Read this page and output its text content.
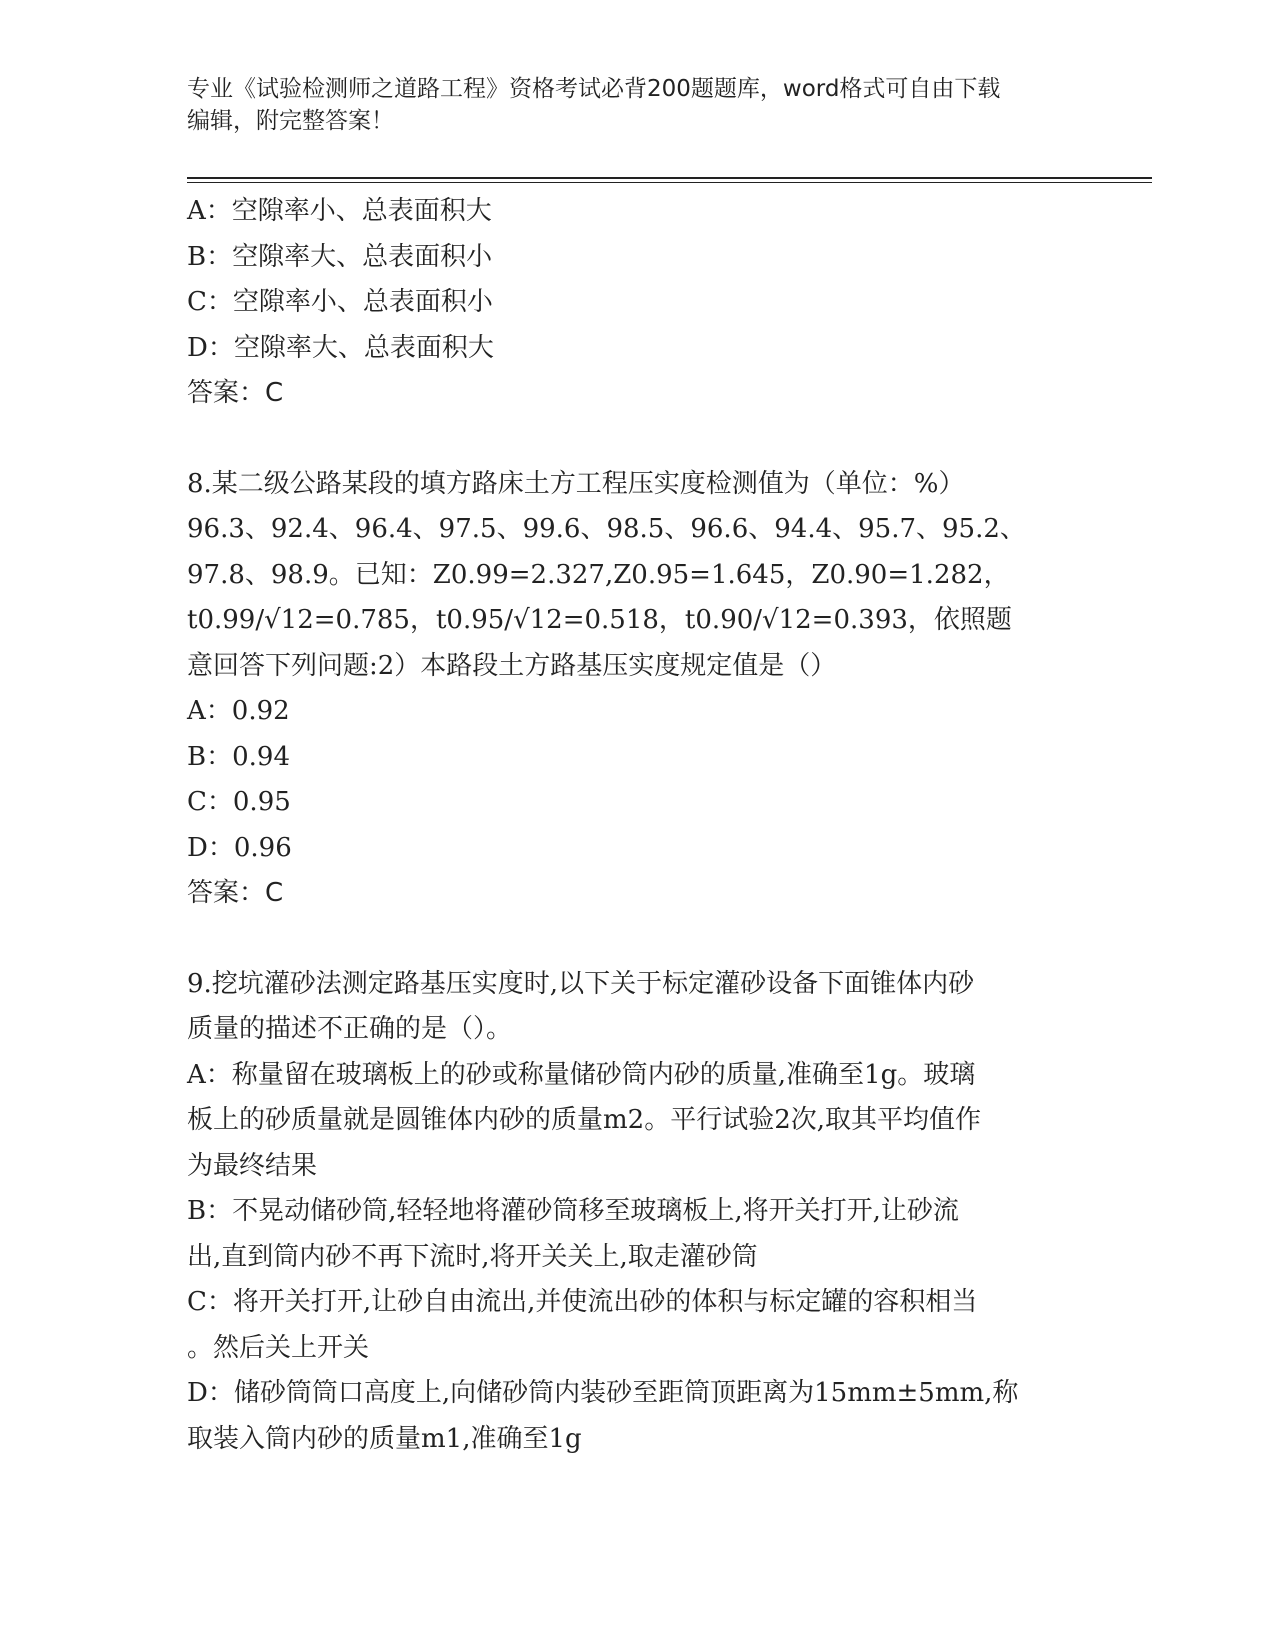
专业《试验检测师之道路工程》资格考试必背200题题库，word格式可自由下载
编辑，附完整答案！

A：空隙率小、总表面积大

B：空隙率大、总表面积小

C：空隙率小、总表面积小

D：空隙率大、总表面积大

答案：C

8.某二级公路某段的填方路床土方工程压实度检测值为（单位：%）

96.3、92.4、96.4、97.5、99.6、98.5、96.6、94.4、95.7、95.2、

97.8、98.9。已知：Z0.99=2.327,Z0.95=1.645，Z0.90=1.282，

t0.99/√12=0.785，t0.95/√12=0.518，t0.90/√12=0.393，依照题

意回答下列问题:2）本路段土方路基压实度规定值是（）

A：0.92

B：0.94

C：0.95

D：0.96

答案：C

9.挖坑灌砂法测定路基压实度时,以下关于标定灌砂设备下面锥体内砂

质量的描述不正确的是（）。

A：称量留在玻璃板上的砂或称量储砂筒内砂的质量,准确至1g。玻璃

板上的砂质量就是圆锥体内砂的质量m2。平行试验2次,取其平均值作

为最终结果

B：不晃动储砂筒,轻轻地将灌砂筒移至玻璃板上,将开关打开,让砂流

出,直到筒内砂不再下流时,将开关关上,取走灌砂筒

C：将开关打开,让砂自由流出,并使流出砂的体积与标定罐的容积相当

。然后关上开关

D：储砂筒筒口高度上,向储砂筒内装砂至距筒顶距离为15mm±5mm,称

取装入筒内砂的质量m1,准确至1g
